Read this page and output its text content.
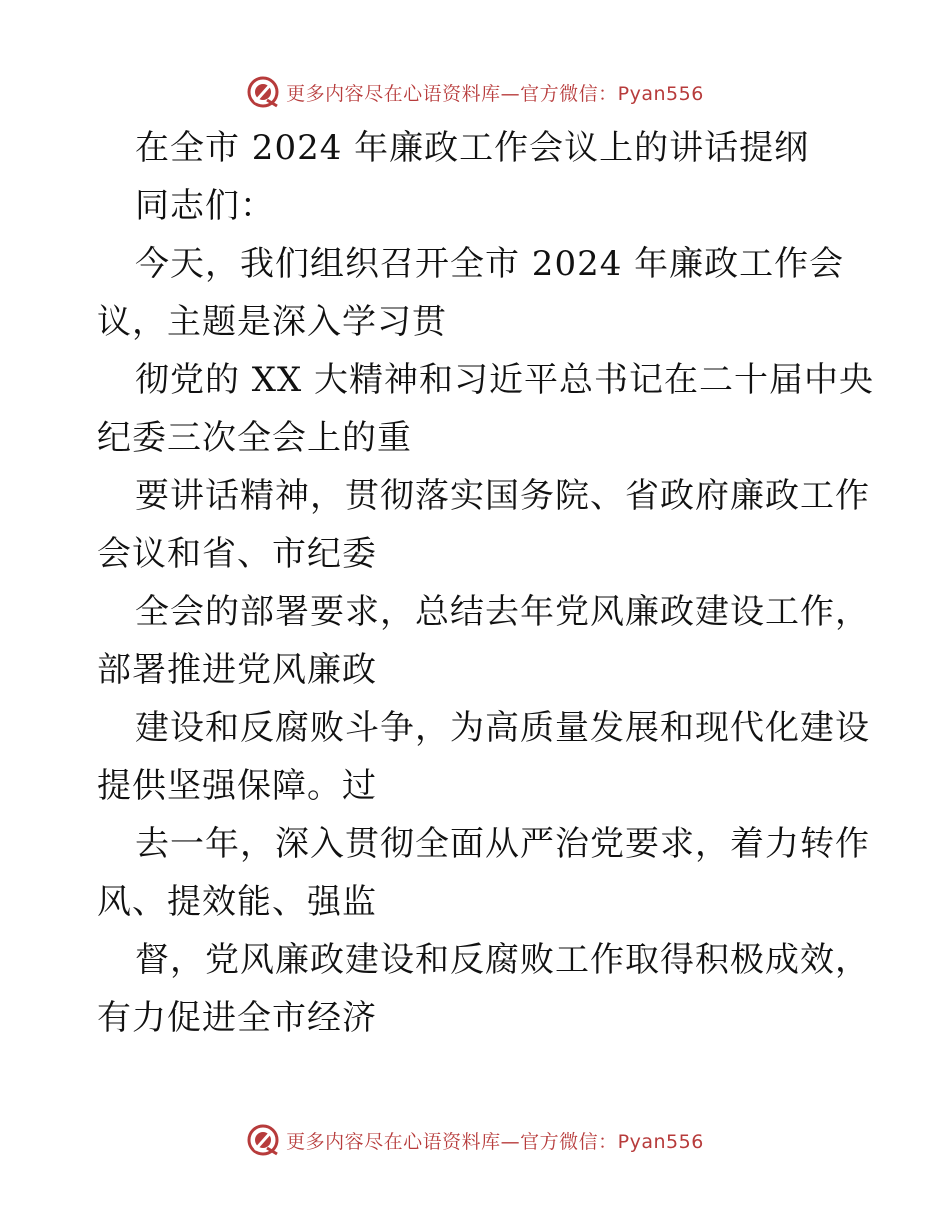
更多内容尽在心语资料库—官方微信：Pyan556
在全市 2024 年廉政工作会议上的讲话提纲
同志们：
今天，我们组织召开全市 2024 年廉政工作会
议，主题是深入学习贯
彻党的 XX 大精神和习近平总书记在二十届中央
纪委三次全会上的重
要讲话精神，贯彻落实国务院、省政府廉政工作
会议和省、市纪委
全会的部署要求，总结去年党风廉政建设工作，
部署推进党风廉政
建设和反腐败斗争，为高质量发展和现代化建设
提供坚强保障。过
去一年，深入贯彻全面从严治党要求，着力转作
风、提效能、强监
督，党风廉政建设和反腐败工作取得积极成效，
有力促进全市经济
更多内容尽在心语资料库—官方微信：Pyan556
